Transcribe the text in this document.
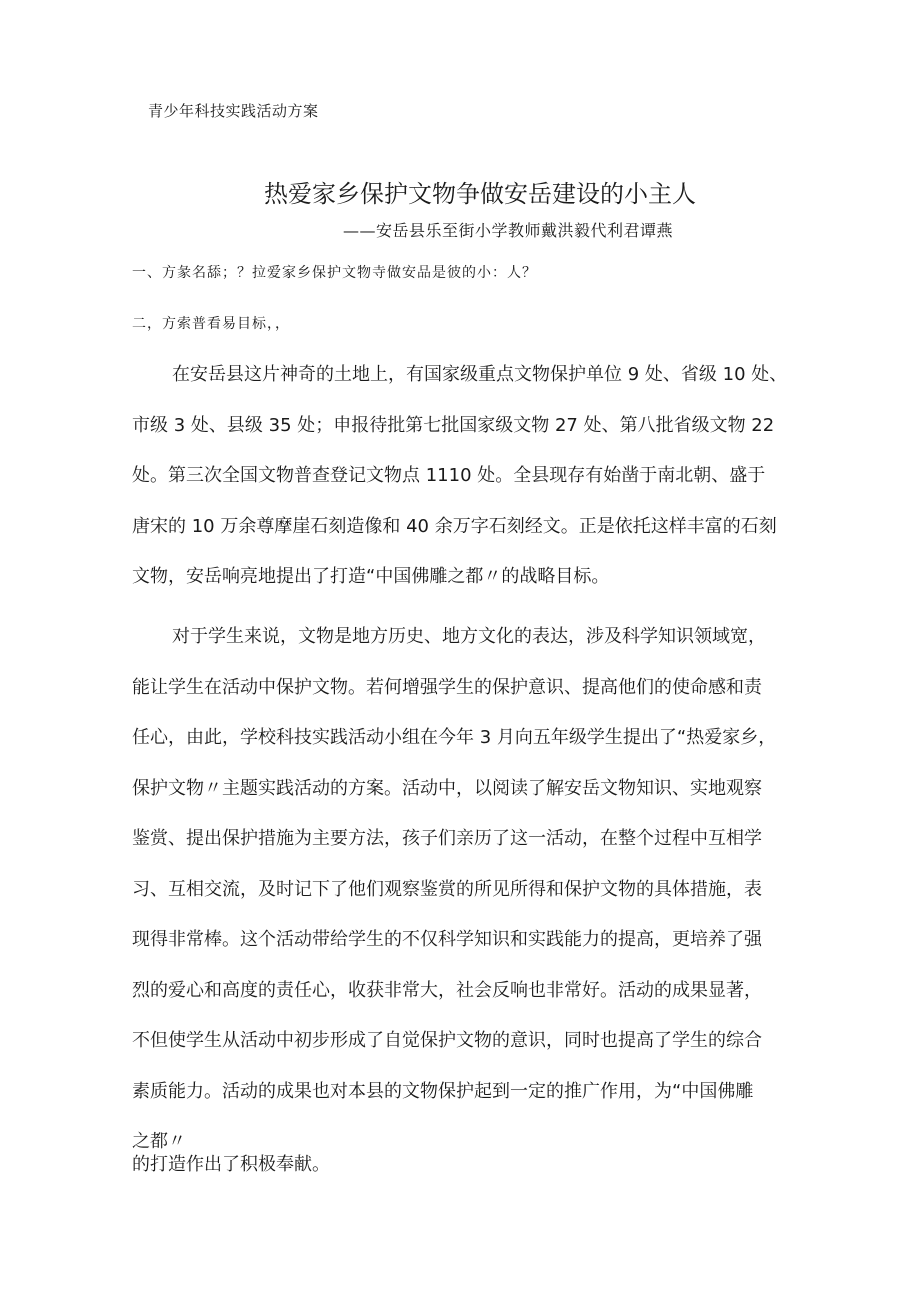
青少年科技实践活动方案
热爱家乡保护文物争做安岳建设的小主人
——安岳县乐至街小学教师戴洪毅代利君谭燕
一、方彖名舔；？拉爱家乡保护文物寺做安品是彼的小：人？
二，方索普看易目标，，
在安岳县这片神奇的土地上，有国家级重点文物保护单位 9 处、省级 10 处、
市级 3 处、县级 35 处；申报待批第七批国家级文物 27 处、第八批省级文物 22
处。第三次全国文物普查登记文物点 1110 处。全县现存有始凿于南北朝、盛于
唐宋的 10 万余尊摩崖石刻造像和 40 余万字石刻经文。正是依托这样丰富的石刻
文物，安岳响亮地提出了打造“中国佛雕之都〃的战略目标。
对于学生来说，文物是地方历史、地方文化的表达，涉及科学知识领域宽，
能让学生在活动中保护文物。若何增强学生的保护意识、提高他们的使命感和责
任心，由此，学校科技实践活动小组在今年 3 月向五年级学生提出了“热爱家乡，
保护文物〃主题实践活动的方案。活动中，以阅读了解安岳文物知识、实地观察
鉴赏、提出保护措施为主要方法，孩子们亲历了这一活动，在整个过程中互相学
习、互相交流，及时记下了他们观察鉴赏的所见所得和保护文物的具体措施，表
现得非常棒。这个活动带给学生的不仅科学知识和实践能力的提高，更培养了强
烈的爱心和高度的责任心，收获非常大，社会反响也非常好。活动的成果显著，
不但使学生从活动中初步形成了自觉保护文物的意识，同时也提高了学生的综合
素质能力。活动的成果也对本县的文物保护起到一定的推广作用，为“中国佛雕
之都〃
的打造作出了积极奉献。
